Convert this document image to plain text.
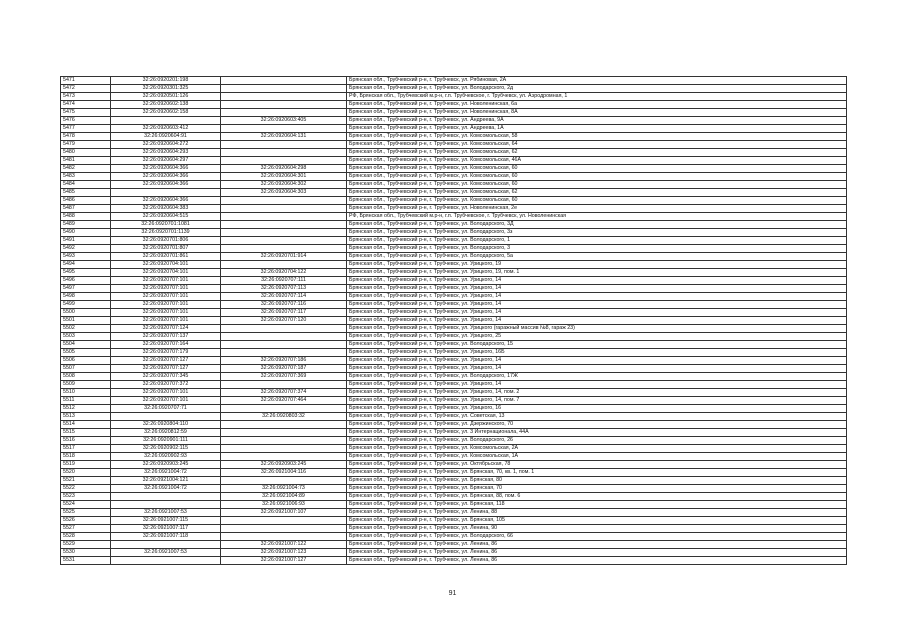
5471	32:26:0920201:198		Брянская обл., Трубчевский р-н, г. Трубчевск, ул. Рябиновая, 2А
5472	32:26:0920301:325		Брянская обл., Трубчевский р-н, г. Трубчевск, ул. Володарского, 2д
5473	32:26:0920501:126		РФ, Брянская обл., Трубчевский м.р-н, г.п. Трубчевское, г. Трубчевск, ул. Аэродромная, 1
5474	32:26:0920602:138		Брянская обл., Трубчевский р-н, г. Трубчевск, ул. Новоленинская, 6а
5475	32:26:0920602:158		Брянская обл., Трубчевский р-н, г. Трубчевск, ул. Новоленинская, 8А
5476		32:26:0920603:405	Брянская обл., Трубчевский р-н, г. Трубчевск, ул. Андреева, 9А
5477	32:26:0920603:412		Брянская обл., Трубчевский р-н, г. Трубчевск, ул. Андреева, 1А
5478	32:26:0920604:91	32:26:0920604:131	Брянская обл., Трубчевский р-н, г. Трубчевск, ул. Комсомольская, 58
5479	32:26:0920604:272		Брянская обл., Трубчевский р-н, г. Трубчевск, ул. Комсомольская, 64
5480	32:26:0920604:293		Брянская обл., Трубчевский р-н, г. Трубчевск, ул. Комсомольская, 62
5481	32:26:0920604:297		Брянская обл., Трубчевский р-н, г. Трубчевск, ул. Комсомольская, 46А
5482	32:26:0920604:366	32:26:0920604:298	Брянская обл., Трубчевский р-н, г. Трубчевск, ул. Комсомольская, 60
5483	32:26:0920604:366	32:26:0920604:301	Брянская обл., Трубчевский р-н, г. Трубчевск, ул. Комсомольская, 60
5484	32:26:0920604:366	32:26:0920604:302	Брянская обл., Трубчевский р-н, г. Трубчевск, ул. Комсомольская, 60
5485		32:26:0920604:303	Брянская обл., Трубчевский р-н, г. Трубчевск, ул. Комсомольская, 62
5486	32:26:0920604:366		Брянская обл., Трубчевский р-н, г. Трубчевск, ул. Комсомольская, 60
5487	32:26:0920604:383		Брянская обл., Трубчевский р-н, г. Трубчевск, ул. Новоленинская, 2е
5488	32:26:0920604:515		РФ, Брянская обл., Трубчевский м.р-н, г.п. Трубчевское, г. Трубчевск, ул. Новоленинская
5489	32:26:0920701:1081		Брянская обл., Трубчевский р-н, г. Трубчевск, ул. Володарского, 3Д
5490	32:26:0920701:1139		Брянская обл., Трубчевский р-н, г. Трубчевск, ул. Володарского, 3з
5491	32:26:0920701:806		Брянская обл., Трубчевский р-н, г. Трубчевск, ул. Володарского, 1
5492	32:26:0920701:807		Брянская обл., Трубчевский р-н, г. Трубчевск, ул. Володарского, 3
5493	32:26:0920701:861	32:26:0920701:914	Брянская обл., Трубчевский р-н, г. Трубчевск, ул. Володарского, 5а
5494	32:26:0920704:101		Брянская обл., Трубчевский р-н, г. Трубчевск, ул. Урицкого, 19
5495	32:26:0920704:101	32:26:0920704:122	Брянская обл., Трубчевский р-н, г. Трубчевск, ул. Урицкого, 19, пом. 1
5496	32:26:0920707:101	32:26:0920707:111	Брянская обл., Трубчевский р-н, г. Трубчевск, ул. Урицкого, 14
5497	32:26:0920707:101	32:26:0920707:113	Брянская обл., Трубчевский р-н, г. Трубчевск, ул. Урицкого, 14
5498	32:26:0920707:101	32:26:0920707:114	Брянская обл., Трубчевский р-н, г. Трубчевск, ул. Урицкого, 14
5499	32:26:0920707:101	32:26:0920707:116	Брянская обл., Трубчевский р-н, г. Трубчевск, ул. Урицкого, 14
5500	32:26:0920707:101	32:26:0920707:117	Брянская обл., Трубчевский р-н, г. Трубчевск, ул. Урицкого, 14
5501	32:26:0920707:101	32:26:0920707:120	Брянская обл., Трубчевский р-н, г. Трубчевск, ул. Урицкого, 14
5502	32:26:0920707:124		Брянская обл., Трубчевский р-н, г. Трубчевск, ул. Урицкого (гаражный массив №8, гараж 23)
5503	32:26:0920707:137		Брянская обл., Трубчевский р-н, г. Трубчевск, ул. Урицкого, 25
5504	32:26:0920707:164		Брянская обл., Трубчевский р-н, г. Трубчевск, ул. Володарского, 15
5505	32:26:0920707:179		Брянская обл., Трубчевский р-н, г. Трубчевск, ул. Урицкого, 16Б
5506	32:26:0920707:127	32:26:0920707:186	Брянская обл., Трубчевский р-н, г. Трубчевск, ул. Урицкого, 14
5507	32:26:0920707:127	32:26:0920707:187	Брянская обл., Трубчевский р-н, г. Трубчевск, ул. Урицкого, 14
5508	32:26:0920707:345	32:26:0920707:369	Брянская обл., Трубчевский р-н, г. Трубчевск, ул. Володарского, 17Ж
5509	32:26:0920707:372		Брянская обл., Трубчевский р-н, г. Трубчевск, ул. Урицкого, 14
5510	32:26:0920707:101	32:26:0920707:374	Брянская обл., Трубчевский р-н, г. Трубчевск, ул. Урицкого, 14, пом. 2
5511	32:26:0920707:101	32:26:0920707:464	Брянская обл., Трубчевский р-н, г. Трубчевск, ул. Урицкого, 14, пом. 7
5512	32:26:0920707:71		Брянская обл., Трубчевский р-н, г. Трубчевск, ул. Урицкого, 16
5513		32:26:0920803:32	Брянская обл., Трубчевский р-н, г. Трубчевск, ул. Советская, 13
5514	32:26:0920804:110		Брянская обл., Трубчевский р-н, г. Трубчевск, ул. Дзержинского, 70
5515	32:26:0920812:59		Брянская обл., Трубчевский р-н, г. Трубчевск, ул. 3 Интернационала, 44А
5516	32:26:0920901:111		Брянская обл., Трубчевский р-н, г. Трубчевск, ул. Володарского, 26
5517	32:26:0920902:115		Брянская обл., Трубчевский р-н, г. Трубчевск, ул. Комсомольская, 2А
5518	32:26:0920902:93		Брянская обл., Трубчевский р-н, г. Трубчевск, ул. Комсомольская, 1А
5519	32:26:0920903:245	32:26:0920903:245	Брянская обл., Трубчевский р-н, г. Трубчевск, ул. Октябрьская, 78
5520	32:26:0921004:72	32:26:0921004:116	Брянская обл., Трубчевский р-н, г. Трубчевск, ул. Брянская, 70, кв. 1, пом. 1
5521	32:26:0921004:121		Брянская обл., Трубчевский р-н, г. Трубчевск, ул. Брянская, 80
5522	32:26:0921004:72	32:26:0921004:73	Брянская обл., Трубчевский р-н, г. Трубчевск, ул. Брянская, 70
5523		32:26:0921004:89	Брянская обл., Трубчевский р-н, г. Трубчевск, ул. Брянская, 88, пом. 6
5524		32:26:0921006:93	Брянская обл., Трубчевский р-н, г. Трубчевск, ул. Брянская, 118
5525	32:26:0921007:53	32:26:0921007:107	Брянская обл., Трубчевский р-н, г. Трубчевск, ул. Ленина, 88
5526	32:26:0921007:115		Брянская обл., Трубчевский р-н, г. Трубчевск, ул. Брянская, 105
5527	32:26:0921007:117		Брянская обл., Трубчевский р-н, г. Трубчевск, ул. Ленина, 90
5528	32:26:0921007:118		Брянская обл., Трубчевский р-н, г. Трубчевск, ул. Володарского, 66
5529		32:26:0921007:122	Брянская обл., Трубчевский р-н, г. Трубчевск, ул. Ленина, 86
5530	32:26:0921007:53	32:26:0921007:123	Брянская обл., Трубчевский р-н, г. Трубчевск, ул. Ленина, 86
5531		32:26:0921007:127	Брянская обл., Трубчевский р-н, г. Трубчевск, ул. Ленина, 86
91
